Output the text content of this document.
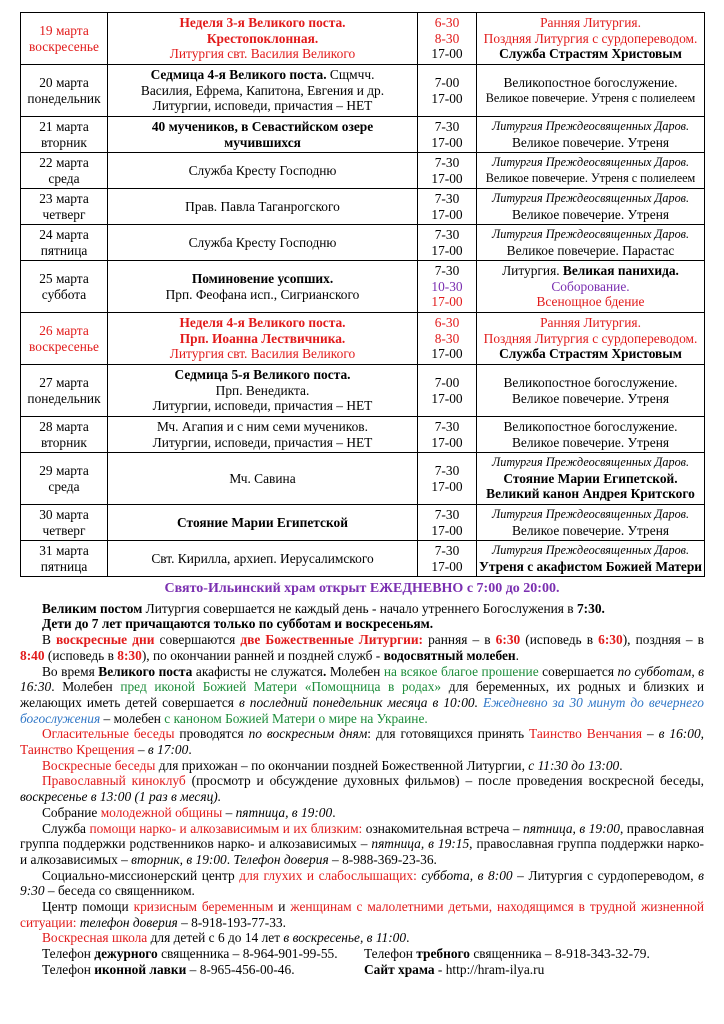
19 марта
воскресенье	Неделя 3-я Великого поста.
Крестопоклонная.
Литургия свт. Василия Великого	6-30
8-30
17-00	Ранняя Литургия.
Поздняя Литургия с сурдопереводом.
Служба Страстям Христовым

20 марта
понедельник	Седмица 4-я Великого поста. Сщмчч.
Василия, Ефрема, Капитона, Евгения и др.
Литургии, исповеди, причастия – НЕТ	7-00
17-00	Великопостное богослужение.
Великое повечерие. Утреня с полиелеем

21 марта
вторник	40 мучеников, в Севастийском озере
мучившихся	7-30
17-00	Литургия Преждеосвященных Даров.
Великое повечерие. Утреня

22 марта
среда	Служба Кресту Господню	7-30
17-00	Литургия Преждеосвященных Даров.
Великое повечерие. Утреня с полиелеем

23 марта
четверг	Прав. Павла Таганрогского	7-30
17-00	Литургия Преждеосвященных Даров.
Великое повечерие. Утреня

24 марта
пятница	Служба Кресту Господню	7-30
17-00	Литургия Преждеосвященных Даров.
Великое повечерие. Парастас

25 марта
суббота	Поминовение усопших.
Прп. Феофана исп., Сигрианского	7-30
10-30
17-00	Литургия. Великая панихида.
Соборование.
Всенощное бдение

26 марта
воскресенье	Неделя 4-я Великого поста.
Прп. Иоанна Лествичника.
Литургия свт. Василия Великого	6-30
8-30
17-00	Ранняя Литургия.
Поздняя Литургия с сурдопереводом.
Служба Страстям Христовым

27 марта
понедельник	Седмица 5-я Великого поста.
Прп. Венедикта.
Литургии, исповеди, причастия – НЕТ	7-00
17-00	Великопостное богослужение.
Великое повечерие. Утреня

28 марта
вторник	Мч. Агапия и с ним семи мучеников.
Литургии, исповеди, причастия – НЕТ	7-30
17-00	Великопостное богослужение.
Великое повечерие. Утреня

29 марта
среда	Мч. Савина	7-30
17-00	Литургия Преждеосвященных Даров.
Стояние Марии Египетской.
Великий канон Андрея Критского

30 марта
четверг	Стояние Марии Египетской	7-30
17-00	Литургия Преждеосвященных Даров.
Великое повечерие. Утреня

31 марта
пятница	Свт. Кирилла, архиеп. Иерусалимского	7-30
17-00	Литургия Преждеосвященных Даров.
Утреня с акафистом Божией Матери
Свято-Ильинский храм открыт ЕЖЕДНЕВНО с 7:00 до 20:00.

Великим постом Литургия совершается не каждый день - начало утреннего Богослужения в 7:30.

Дети до 7 лет причащаются только по субботам и воскресеньям.

В воскресные дни совершаются две Божественные Литургии: ранняя – в 6:30 (исповедь в 6:30), поздняя – в 8:40 (исповедь в 8:30), по окончании ранней и поздней служб - водосвятный молебен.

Во время Великого поста акафисты не служатся. Молебен на всякое благое прошение совершается по субботам, в 16:30. Молебен пред иконой Божией Матери «Помощница в родах» для беременных, их родных и близких и желающих иметь детей совершается в последний понедельник месяца в 10:00. Ежедневно за 30 минут до вечернего богослужения – молебен с каноном Божией Матери о мире на Украине.

Огласительные беседы проводятся по воскресным дням: для готовящихся принять Таинство Венчания – в 16:00, Таинство Крещения – в 17:00.

Воскресные беседы для прихожан – по окончании поздней Божественной Литургии, с 11:30 до 13:00.

Православный киноклуб (просмотр и обсуждение духовных фильмов) – после проведения воскресной беседы, воскресенье в 13:00 (1 раз в месяц).

Собрание молодежной общины – пятница, в 19:00.

Служба помощи нарко- и алкозависимым и их близким: ознакомительная встреча – пятница, в 19:00, православная группа поддержки родственников нарко- и алкозависимых – пятница, в 19:15, православная группа поддержки нарко- и алкозависимых – вторник, в 19:00. Телефон доверия – 8-988-369-23-36.

Социально-миссионерский центр для глухих и слабослышащих: суббота, в 8:00 – Литургия с сурдопереводом, в 9:30 – беседа со священником.

Центр помощи кризисным беременным и женщинам с малолетними детьми, находящимся в трудной жизненной ситуации: телефон доверия – 8-918-193-77-33.

Воскресная школа для детей с 6 до 14 лет в воскресенье, в 11:00.

Телефон дежурного священника – 8-964-901-99-55.	Телефон требного священника – 8-918-343-32-79.
Телефон иконной лавки – 8-965-456-00-46.	Сайт храма - http://hram-ilya.ru
